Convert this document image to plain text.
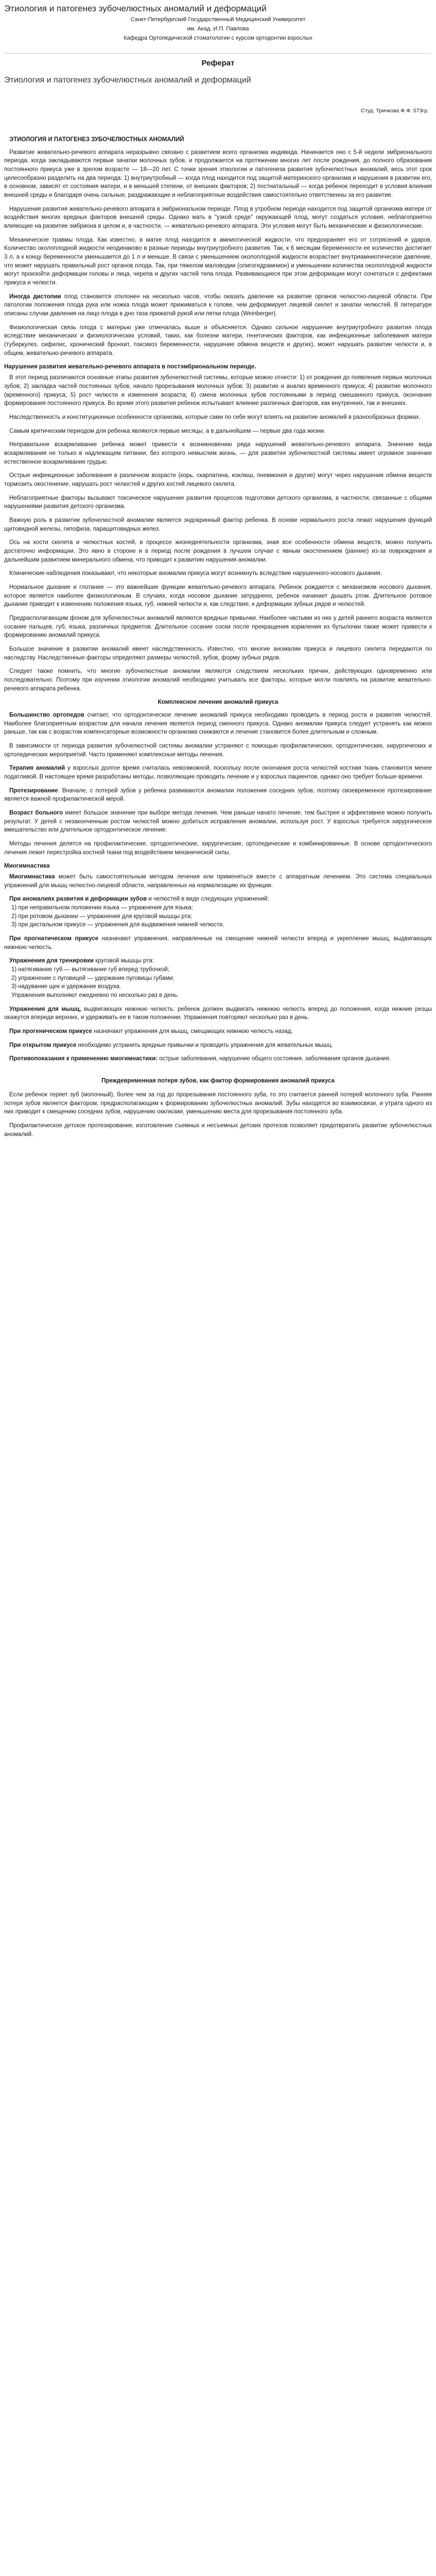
Этиология и патогенез зубочелюстных аномалий и деформаций
Санкт-Петербургский Государственный Медицинский Университет
им. Акад. И.П. Павлова
Кафедра Ортопедической стоматологии с курсом ортодонтии взрослых
Реферат
Этиология и патогенез зубочелюстных аномалий и деформаций
Студ. Тричкова Ф.Ф. 573гр.
ЭТИОЛОГИЯ И ПАТОГЕНЕЗ ЗУБОЧЕЛЮСТНЫХ АНОМАЛИЙ

Развитие жевательно-речевого аппарата неразрывно связано с развитием всего организма индивида. Начинается оно с 5-й недели эмбрионального периода, когда закладываются первые зачатки молочных зубов, и продолжается на протяжении многих лет после рождения, до полного образования постоянного прикуса уже в зрелом возрасте — 18—20 лет. С точки зрения этиологии и патогенеза развития зубочелюстных аномалий, весь этот срок целесообразно разделить на два периода: 1) внутриутробный — когда плод находится под защитой материнского организма и нарушения в развитии его, в основном, зависят от состояния матери, и в меньшей степени, от внешних факторов; 2) постнатальный — когда ребенок переходит в условия влияния внешней среды и благодаря очень сильные, раздражающие и неблагоприятные воздействия самостоятельно ответственны за его развитие.

Нарушения развития жевательно-речевого аппарата в эмбриональном периоде. Плод в утробном периоде находится под защитой организма матери от воздействия многих вредных факторов внешней среды. Однако мать в "узкой среде" окружающей плод, могут создаться условия, неблагоприятно влияющие на развитие эмбриона в целом и, в частности, — жевательно-речевого аппарата. Эти условия могут быть механические и физиологические.

Механическое травмы плода. Как известно, в матке плод находится в амниотической жидкости, что предохраняет его от сотрясений и ударов. Количество околоплодной жидкости неодинаково в разные периоды внутриутробного развития. Так, к 6 месяцам беременности ее количество достигает 3 л, а к концу беременности уменьшается до 1 л и меньше. В связи с уменьшением околоплодной жидкости возрастает внутриамниотическое давление, что может нарушать правильный рост органов плода. Так, при тяжелом маловодии (олигогидрамнион) и уменьшении количества околоплодной жидкости могут произойти деформации головы и лица, черепа и других частей тела плода. Развивающиеся при этом деформации могут сочетаться с дефектами прикуса и челюсти.

Иногда дистопии плод становится отклонен на несколько часов, чтобы оказать давление на развитие органов челюстно-лицевой области. При патологии положения плода рука или ножка плода может прижиматься к голове, чем деформирует лицевой скелет и зачатки челюстей. В литературе описаны случаи давления на лицо плода в дно таза прижатой рукой или пятки плода (Weinberger).

Физиологическая связь плода с матерью уже отмечалась выше и объясняется. Однако сильное нарушение внутриутробного развития плода вследствие механических и физиологических условий, таких, как болезни матери, генетических факторов, как инфекционные заболевания матери (туберкулез, сифилис, хронический бронхит, токсикоз беременности, нарушение обмена веществ и других), может нарушать развитие челюсти и, в общем, жевательно-речевого аппарата.

Нарушения развития жевательно-речевого аппарата в постэмбриональном периоде.

В этот период различаются основные этапы развития зубочелюстной системы, которые можно отнести: 1) от рождения до появления первых молочных зубов; 2) закладка частей постоянных зубов, начало прорезывания молочных зубов; 3) развитие и анализ временного прикуса; 4) развитие молочного (временного) прикуса; 5) рост челюсти и изменения возраста; 6) смена молочных зубов постоянными в период смешанного прикуса, окончание формирования постоянного прикуса. Во время этого развития ребенок испытывает влияние различных факторов, как внутренних, так и внешних.

Наследственность и конституционные особенности организма, которые сами по себе могут влиять на развитие аномалий в разнообразных формах.

Самым критическим периодом для ребенка являются первые месяцы, а в дальнейшем — первые два года жизни.

Неправильное вскармливание ребенка может привести к возникновению ряда нарушений жевательно-речевого аппарата. Значение вида вскармливания не только в надлежащем питании, без которого немыслим жизнь, — для развития зубочелюстной системы имеет огромное значение естественное вскармливание грудью.

Острые инфекционные заболевания в различном возрасте (корь, скарлатина, коклюш, пневмония и другие) могут через нарушения обмена веществ тормозить окостенение, нарушать рост челюстей и других костей лицевого скелета.

Неблагоприятные факторы вызывают токсическое нарушение развития процессов подготовки детского организма, в частности, связанные с общими нарушениями развития детского организма.

Важную роль в развитии зубочелюстной аномалии является эндокринный фактор ребенка. В основе нормального роста лежат нарушения функций щитовидной железы, гипофиза, паращитовидных желез.

Ось на кости скелета и челюстных костей, в процессе жизнедеятельности организма, зная все особенности обмена веществ, можно получить достаточно информации. Это явно в стороне и в период после рождения в лучшем случае с явным окостенением (ранние) из-за повреждения и дальнейшим развитием минерального обмена, что приводит к развитию нарушения аномалии.

Клинические наблюдения показывают, что некоторые аномалии прикуса могут возникнуть вследствие нарушенного носового дыхания.

Нормальное дыхание и глотание — это важнейшие функции жевательно-речевого аппарата. Ребенок рождается с механизмом носового дыхания, которое является наиболее физиологичным. В случаях, когда носовое дыхание затруднено, ребенок начинает дышать ртом. Длительное ротовое дыхание приводит к изменению положения языка, губ, нижней челюсти и, как следствие, к деформации зубных рядов и челюстей.

Предрасполагающим фоном для зубочелюстных аномалий являются вредные привычки. Наиболее частыми из них у детей раннего возраста являются сосание пальцев, губ, языка, различных предметов. Длительное сосание соски после прекращения кормления из бутылочки также может привести к формированию аномалий прикуса.

Большое значение в развитии аномалий имеет наследственность. Известно, что многие аномалии прикуса и лицевого скелета передаются по наследству. Наследственные факторы определяют размеры челюстей, зубов, форму зубных рядов.

Следует также помнить, что многие зубочелюстные аномалии являются следствием нескольких причин, действующих одновременно или последовательно. Поэтому при изучении этиологии аномалий необходимо учитывать все факторы, которые могли повлиять на развитие жевательно-речевого аппарата ребенка.

Комплексное лечение аномалий прикуса

Большинство ортопедов считает, что ортодонтическое лечение аномалий прикуса необходимо проводить в период роста и развития челюстей. Наиболее благоприятным возрастом для начала лечения является период сменного прикуса. Однако аномалии прикуса следует устранять как можно раньше, так как с возрастом компенсаторные возможности организма снижаются и лечение становится более длительным и сложным.

В зависимости от периода развития зубочелюстной системы аномалии устраняют с помощью профилактических, ортодонтических, хирургических и ортопедических мероприятий. Часто применяют комплексные методы лечения.

Терапия аномалий у взрослых долгое время считалась невозможной, поскольку после окончания роста челюстей костная ткань становится менее податливой. В настоящее время разработаны методы, позволяющие проводить лечение и у взрослых пациентов, однако оно требует больше времени.

Протезирование. Вначале, с потерей зубов у ребенка развиваются аномалии положения соседних зубов, поэтому своевременное протезирование является важной профилактической мерой.

Возраст больного имеет большое значение при выборе метода лечения. Чем раньше начато лечение, тем быстрее и эффективнее можно получить результат. У детей с незаконченным ростом челюстей можно добиться исправления аномалии, используя рост. У взрослых требуется хирургическое вмешательство или длительное ортодонтическое лечение.

Методы лечения делятся на профилактические, ортодонтические, хирургические, ортопедические и комбинированные. В основе ортодонтического лечения лежит перестройка костной ткани под воздействием механической силы.

Миогимнастика

Миогимнастика может быть самостоятельным методом лечения или применяться вместе с аппаратным лечением. Это система специальных упражнений для мышц челюстно-лицевой области, направленных на нормализацию их функции.

При аномалиях развития и деформации зубов и челюстей в виде следующих упражнений:

1) при неправильном положении языка — упражнения для языка;
2) при ротовом дыхании — упражнения для круговой мышцы рта;
3) при дистальном прикусе — упражнения для выдвижения нижней челюсти.

При прогнатическом прикусе назначают упражнения, направленные на смещение нижней челюсти вперед и укрепление мышц, выдвигающих нижнюю челюсть.

Упражнения для тренировки круговой мышцы рта:

1) натягивание губ — вытягивание губ вперед трубочкой;
2) упражнение с пуговицей — удержание пуговицы губами;
3) надувание щек и удержание воздуха.
Упражнения выполняют ежедневно по несколько раз в день.

Упражнения для мышц, выдвигающих нижнюю челюсть: ребенок должен выдвигать нижнюю челюсть вперед до положения, когда нижние резцы окажутся впереди верхних, и удерживать ее в таком положении. Упражнения повторяют несколько раз в день.

При прогеническом прикусе назначают упражнения для мышц, смещающих нижнюю челюсть назад.

При открытом прикусе необходимо устранить вредные привычки и проводить упражнения для жевательных мышц.

Противопоказания к применению миогимнастики: острые заболевания, нарушение общего состояния, заболевания органов дыхания.

Преждевременная потеря зубов, как фактор формирования аномалий прикуса

Если ребенок теряет зуб (молочный), более чем за год до прорезывания постоянного зуба, то это считается ранней потерей молочного зуба. Ранняя потеря зубов является фактором, предрасполагающим к формированию зубочелюстных аномалий. Зубы находятся во взаимосвязи, и утрата одного из них приводит к смещению соседних зубов, нарушению окклюзии, уменьшению места для прорезывания постоянного зуба.

Профилактическое детское протезирование, изготовление съемных и несъемных детских протезов позволяет предотвратить развитие зубочелюстных аномалий.
